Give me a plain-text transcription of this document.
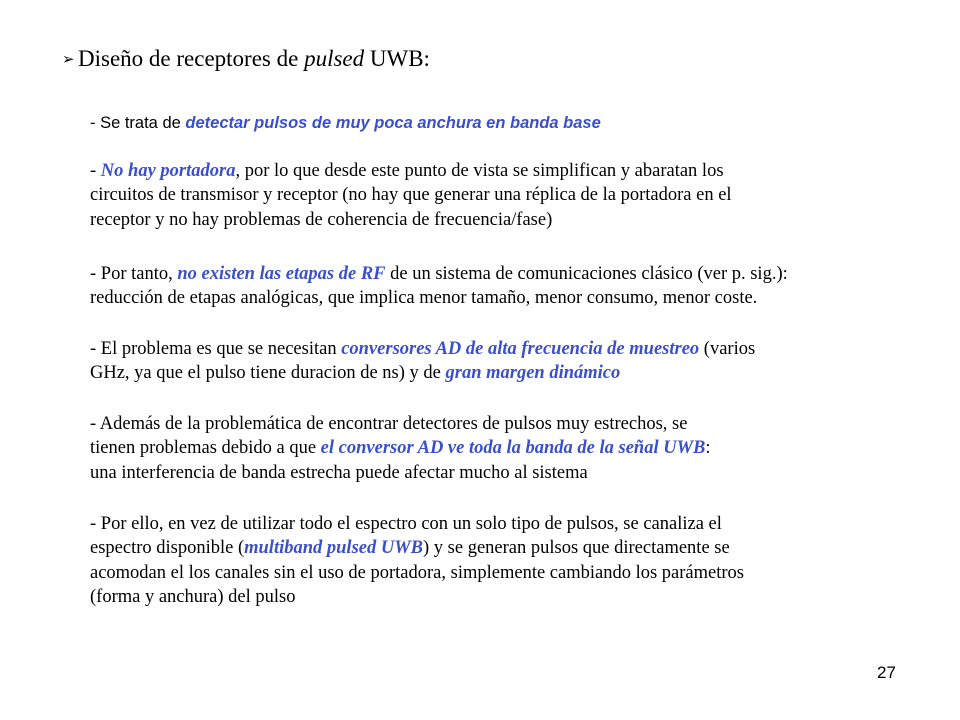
➢ Diseño de receptores de pulsed UWB:

- Se trata de detectar pulsos de muy poca anchura en banda base

- No hay portadora, por lo que desde este punto de vista se simplifican y abaratan los
circuitos de transmisor y receptor (no hay que generar una réplica de la portadora en el
receptor y no hay problemas de coherencia de frecuencia/fase)

- Por tanto, no existen las etapas de RF de un sistema de comunicaciones clásico (ver p. sig.):
reducción de etapas analógicas, que implica menor tamaño, menor consumo, menor coste.

- El problema es que se necesitan conversores AD de alta frecuencia de muestreo (varios
GHz, ya que el pulso tiene duracion de ns) y de gran margen dinámico

- Además de la problemática de encontrar detectores de pulsos muy estrechos, se
tienen problemas debido a que el conversor AD ve toda la banda de la señal UWB:
una interferencia de banda estrecha puede afectar mucho al sistema

- Por ello, en vez de utilizar todo el espectro con un solo tipo de pulsos, se canaliza el
espectro disponible (multiband pulsed UWB) y se generan pulsos que directamente se
acomodan el los canales sin el uso de portadora, simplemente cambiando los parámetros
(forma y anchura) del pulso

27
